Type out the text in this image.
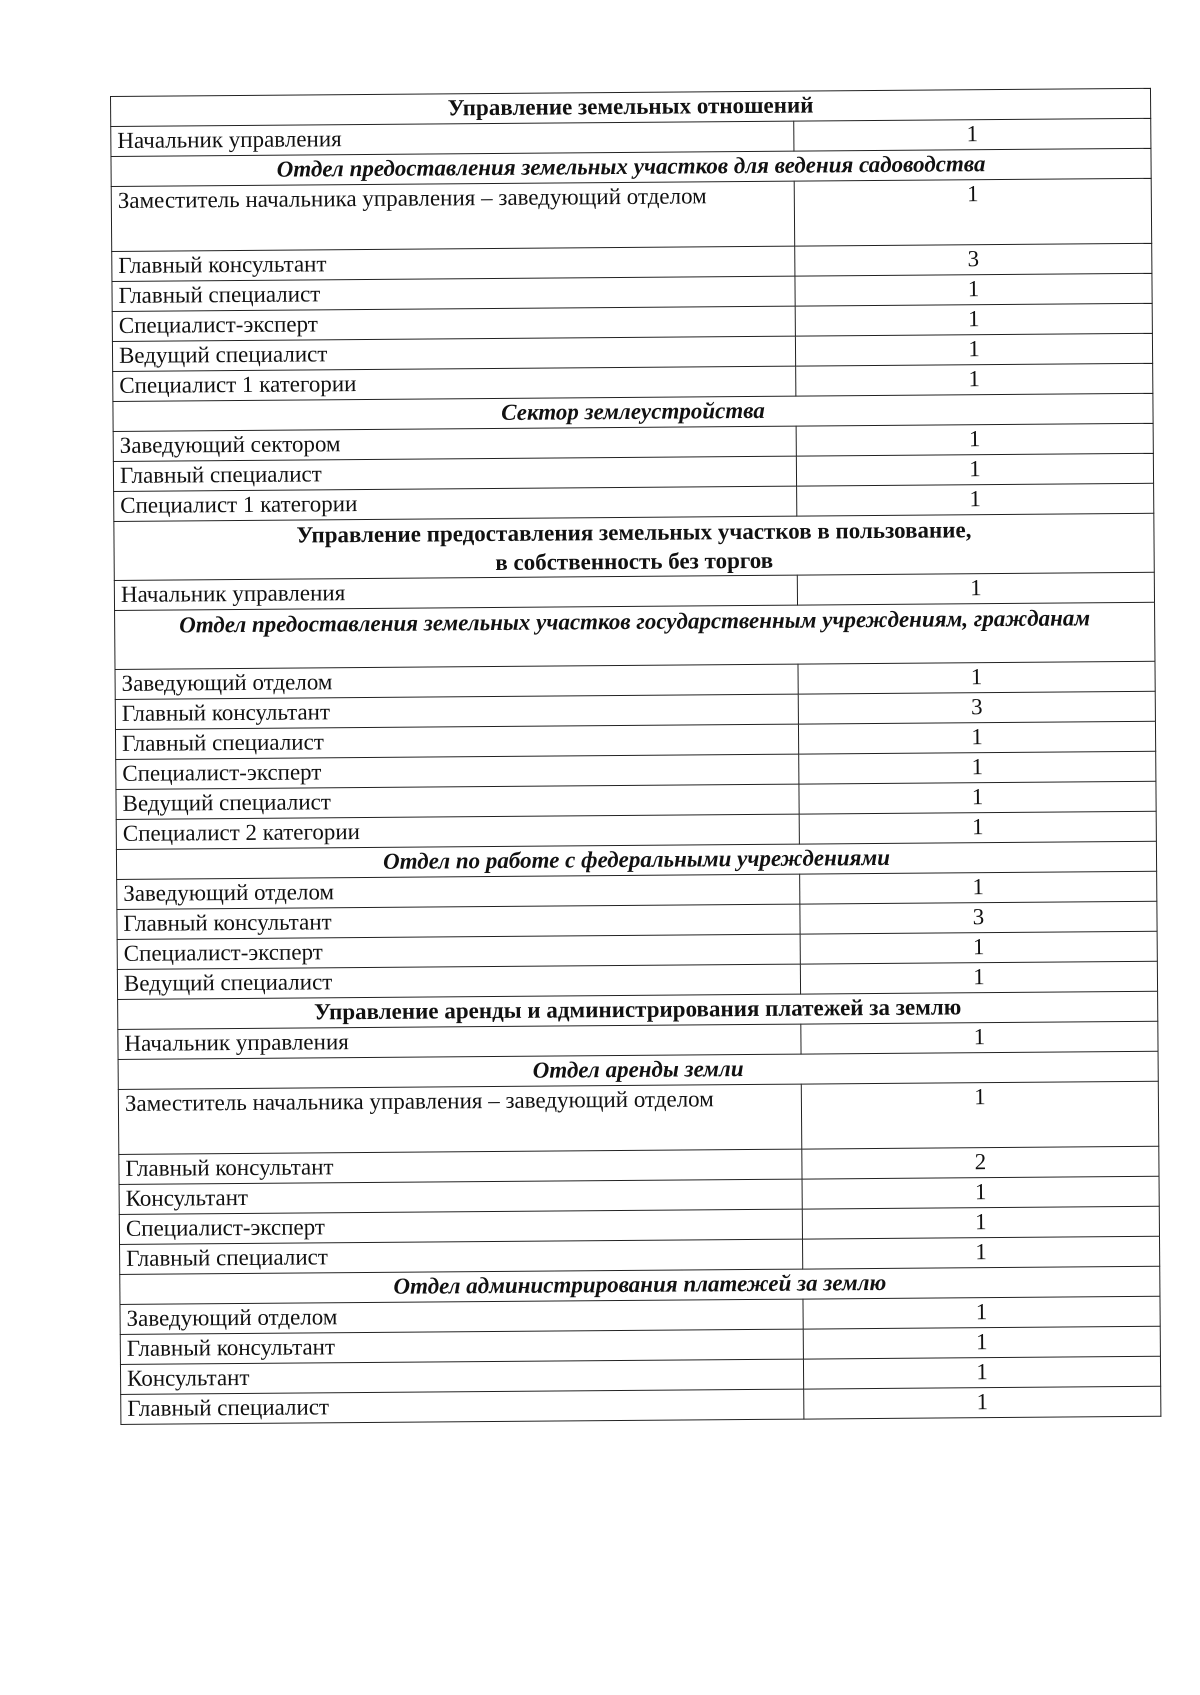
Управление земельных отношений	
Начальник управления	1
Отдел предоставления земельных участков для ведения садоводства	
Заместитель начальника управления – заведующий отделом	1
Главный консультант	3
Главный специалист	1
Специалист-эксперт	1
Ведущий специалист	1
Специалист 1 категории	1
Сектор землеустройства	
Заведующий сектором	1
Главный специалист	1
Специалист 1 категории	1
Управление предоставления земельных участков в пользование,
в собственность без торгов	
Начальник управления	1
Отдел предоставления земельных участков государственным учреждениям, гражданам	
Заведующий отделом	1
Главный консультант	3
Главный специалист	1
Специалист-эксперт	1
Ведущий специалист	1
Специалист 2 категории	1
Отдел по работе с федеральными учреждениями	
Заведующий отделом	1
Главный консультант	3
Специалист-эксперт	1
Ведущий специалист	1
Управление аренды и администрирования платежей за землю	
Начальник управления	1
Отдел аренды земли	
Заместитель начальника управления – заведующий отделом	1
Главный консультант	2
Консультант	1
Специалист-эксперт	1
Главный специалист	1
Отдел администрирования платежей за землю	
Заведующий отделом	1
Главный консультант	1
Консультант	1
Главный специалист	1
